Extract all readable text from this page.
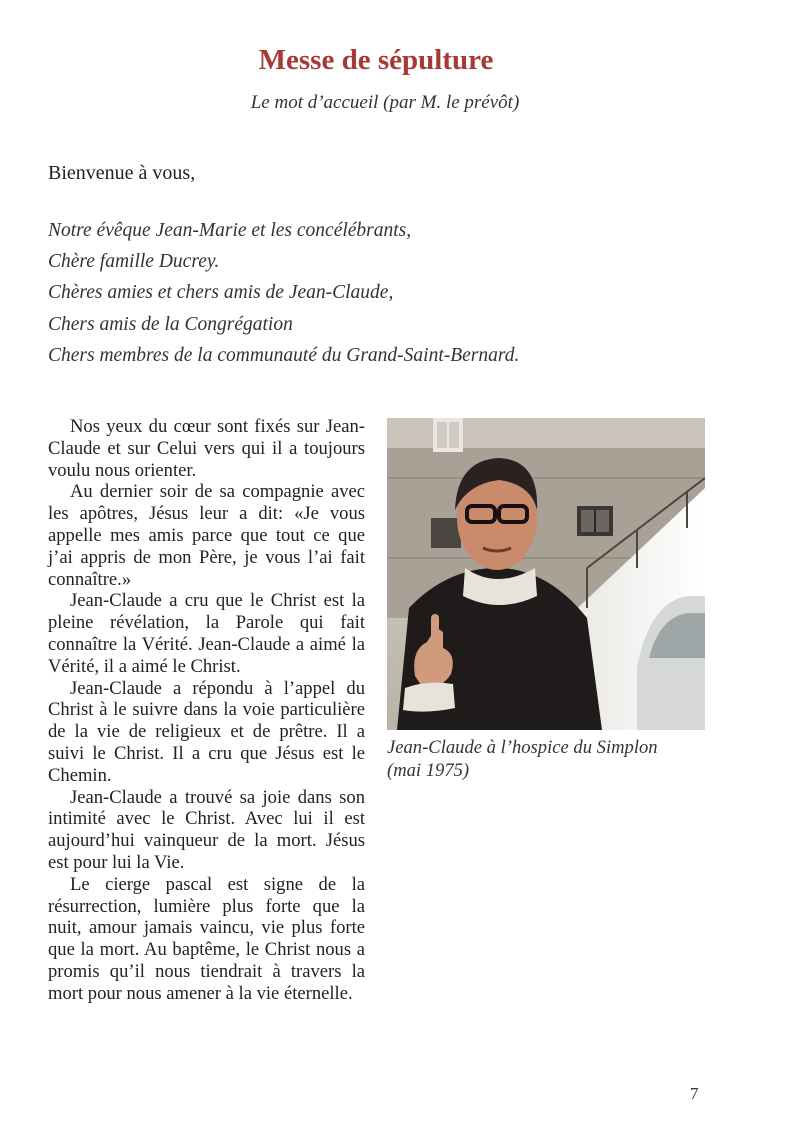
Messe de sépulture
Le mot d’accueil (par M. le prévôt)
Bienvenue à vous,
Notre évêque Jean-Marie et les concélébrants,
Chère famille Ducrey.
Chères amies et chers amis de Jean-Claude,
Chers amis de la Congrégation
Chers membres de la communauté du Grand-Saint-Bernard.

Nos yeux du cœur sont fixés sur Jean-Claude et sur Celui vers qui il a toujours voulu nous orienter.

Au dernier soir de sa compagnie avec les apôtres, Jésus leur a dit: «Je vous appelle mes amis parce que tout ce que j’ai appris de mon Père, je vous l’ai fait connaître.»

Jean-Claude a cru que le Christ est la pleine révélation, la Parole qui fait connaître la Vérité. Jean-Claude a aimé la Vérité, il a aimé le Christ.

Jean-Claude a répondu à l’appel du Christ à le suivre dans la voie particulière de la vie de religieux et de prêtre. Il a suivi le Christ. Il a cru que Jésus est le Chemin.

Jean-Claude a trouvé sa joie dans son intimité avec le Christ. Avec lui il est aujourd’hui vainqueur de la mort. Jésus est pour lui la Vie.

Le cierge pascal est signe de la résurrection, lumière plus forte que la nuit, amour jamais vaincu, vie plus forte que la mort. Au baptême, le Christ nous a promis qu’il nous tiendrait à travers la mort pour nous amener à la vie éternelle.

Jean-Claude à l’hospice du Simplon
(mai 1975)
7
